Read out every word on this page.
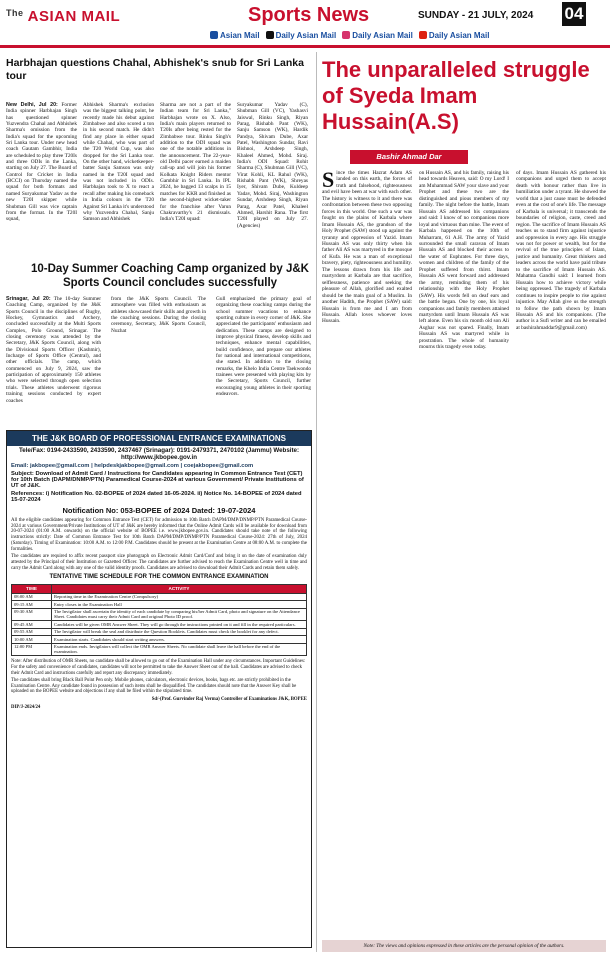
$^{The}$ ASIAN MAIL	Sports News	SUNDAY - 21 JULY, 2024 04
Asian Mail	Daily Asian Mail	Daily Asian Mail	Daily Asian Mail
Harbhajan questions Chahal, Abhishek's snub for Sri Lanka tour
New Delhi, Jul 20: Former India spinner Harbhajan Singh has questioned spinner Yuzvendra Chahal and Abhishek Sharma's omission from the India's squad for the upcoming Sri Lanka tour. Under new head coach Gautam Gambhir, India are scheduled to play three T20Is and three ODIs in the Lanka, starting on July 27. The Board of Control for Cricket in India (BCCI) on Thursday named the squad for both formats and named Suryakumar Yadav as the new T20I skipper while Shubman Gill was vice captain from the format. In the T20I squad,
Abhishek Sharma's exclusion was the biggest talking point, he recently made his debut against Zimbabwe and also scored a ton in his second match. He didn't find any place in either squad while Chahal, who was part of the T20 World Cup, was also dropped for the Sri Lanka tour. On the other hand, wicketkeeper-batter Sanju Samson was only named in the T20I squad and was not included in ODIs. Harbhajan took to X to react a recall after making his comeback in India colours in the T20 Against Sri Lanka it's understood why Yuzvendra Chahal, Sanju Samson and Abhishek
Sharma are not a part of the Indian team for Sri Lanka," Harbhajan wrote on X. Also, India's main players returned to T20Is after being rested for the Zimbabwe tour. Rinku Singh's addition to the ODI squad was one of the notable additions in the announcement. The 22-year-old Delhi pacer earned a maiden call-up and will join his former Kolkata Knight Riders mentor Gambhir in Sri Lanka. In IPL 2024, he bagged 13 scalps in 15 matches for KKR and finished as the second-highest wicket-taker for the franchise after Varun Chakravarthy's 21 dismissals. India's T20I squad:
Suryakumar Yadav (C), Shubman Gill (VC), Yashasvi Jaiswal, Rinku Singh, Riyan Parag, Rishabh Pant (WK), Sanju Samson (WK), Hardik Pandya, Shivam Dube, Axar Patel, Washington Sundar, Ravi Bishnoi, Arshdeep Singh, Khaleel Ahmed, Mohd. Siraj. India's ODI Squad: Rohit Sharma (C), Shubman Gill (VC), Virat Kohli, KL Rahul (WK), Rishabh Pant (WK), Shreyas Iyer, Shivam Dube, Kuldeep Yadav, Mohd. Siraj, Washington Sundar, Arshdeep Singh, Riyan Parag, Axar Patel, Khaleel Ahmed, Harshit Rana. The first T20I played on July 27. (Agencies)
10-Day Summer Coaching Camp organized by J&K Sports Council concludes successfully
Srinagar, Jul 20: The 10-day Summer Coaching Camp, organized by the J&K Sports Council in the disciplines of Rugby, Hockey, Gymnastics and Archery, concluded successfully at the Multi Sports Complex, Polo Ground, Srinagar. The closing ceremony was attended by the Secretary, J&K Sports Council, along with the Divisional Sports Officer (Kashmir), Incharge of Sports Office (Central), and other officials. The camp, which commenced on July 9, 2024, saw the participation of approximately 150 athletes who were selected through open selection trials. These athletes underwent rigorous training sessions conducted by expert coaches
from the J&K Sports Council. The atmosphere was filled with enthusiasm as athletes showcased their skills and growth in the coaching sessions. During the closing ceremony, Secretary, J&K Sports Council, Nuzhat
Gull emphasized the primary goal of organizing these coaching camps during the school summer vacations to enhance sporting culture in every corner of J&K. She appreciated the participants' enthusiasm and dedication. These camps are designed to improve physical fitness, develop skills and techniques, enhance mental capabilities, build confidence, and prepare our athletes for national and international competitions, she stated. In addition to the closing remarks, the Khelo India Centre Taekwondo trainees were presented with playing kits by the Secretary, Sports Council, further encouraging young athletes in their sporting endeavors.
THE J&K BOARD OF PROFESSIONAL ENTRANCE EXAMINATIONS
Tele/Fax: 0194-2433590, 2433590, 2437467 (Srinagar): 0191-2479371, 2470102 (Jammu) Website: http://www.jkbopee.gov.in
Email: jakbopee@gmail.com | helpdeskjakbopee@gmail.com | coejakbopee@gmail.com
Subject: Download of Admit Card / Instructions for Candidates appearing in Common Entrance Test (CET) for 10th Batch (DAPM/DNMP/PTN) Paramedical Course-2024 at various Government/ Private Institutions of UT of J&K.
References: i) Notification No. 02-BOPEE of 2024 dated 16-05-2024. ii) Notice No. 14-BOPEE of 2024 dated 15-07-2024
Notification No: 053-BOPEE of 2024 Dated: 19-07-2024
All the eligible candidates appearing for Common Entrance Test (CET) for admission to 10th Batch DAPM/DMP/DNMP/PTN Paramedical Course-2024 at various Government/Private Institutions of UT of J&K are hereby informed that the Online Admit Cards will be available for download from 20-07-2024 (01:00 A.M. onwards) on the official website of BOPEE i.e. www.jkbopee.gov.in. Candidates should take note of the following instructions strictly: Date of Common Entrance Test for 10th Batch DAPM/DMP/DNMP/PTN Paramedical Course-2024: 27th of July, 2024 (Saturday). Timing of Examination: 10:00 A.M. to 12:00 P.M. Candidates should be present at the Examination Centre at 08:00 A.M. to complete the formalities.
The candidates are required to affix recent passport size photograph on Electronic Admit Card/Conf and bring it on the date of examination duly attested by the Principal of their Institution or Gazetted Officer. The candidates are further advised to reach the Examination Centre well in time and carry the Admit Card along with any one of the valid identity proofs. Candidates are advised to download their Admit Cards and retain them safely.
TENTATIVE TIME SCHEDULE FOR THE COMMON ENTRANCE EXAMINATION
TIME	ACTIVITY
08:00 AM	Reporting time in the Examination Centre (Compulsory)
09:15 AM	Entry closes in the Examination Hall
09:30 AM	The Invigilator shall ascertain the identity of each candidate by comparing his/her Admit Card, photo and signature on the Attendance Sheet. Candidates must carry their Admit Card and original Photo ID proof.
09:45 AM	Candidates will be given OMR Answer Sheet. They will go through the instructions printed on it and fill in the required particulars.
09:55 AM	The Invigilator will break the seal and distribute the Question Booklets. Candidates must check the booklet for any defect.
10:00 AM	Examination starts. Candidates should start writing answers.
12:00 PM	Examination ends. Invigilators will collect the OMR Answer Sheets. No candidate shall leave the hall before the end of the examination.
Note: After distribution of OMR Sheets, no candidate shall be allowed to go out of the Examination Hall under any circumstances. Important Guidelines: For the safety and convenience of candidates, candidates will not be permitted to take the Answer Sheet out of the hall. Candidates are advised to check their Admit Card and instructions carefully and report any discrepancy immediately.
The candidates shall bring Black Ball Point Pen only. Mobile phones, calculators, electronic devices, books, bags etc. are strictly prohibited in the Examination Centre. Any candidate found in possession of such items shall be disqualified. The candidates should note that the Answer Key shall be uploaded on the BOPEE website and objections if any shall be filed within the stipulated time.
Sd/-(Prof. Gurvinder Raj Verma) Controller of Examinations J&K, BOPEE
DIP/J-2024/24
The unparalleled struggle of Syeda Imam Hussain(A.S)
Bashir Ahmad Dar
S ince the times Hazrat Adam AS landed on this earth, the forces of truth and falsehood, righteousness and evil have been at war with each other. The history is witness to it and there was confrontation between these two opposing forces in this world. One such a war was fought on the plains of Karbala where Imam Hussain AS, the grandson of the Holy Prophet (SAW) stood up against the tyranny and oppression of Yazid. Imam Hussain AS was only thirty when his father Ali AS was martyred in the mosque of Kufa. He was a man of exceptional bravery, piety, righteousness and humility. The lessons drawn from his life and martyrdom at Karbala are that sacrifice, selflessness, patience and seeking the pleasure of Allah, glorified and exalted should be the main goal of a Muslim. In another Hadith, the Prophet (SAW) said: Hussain is from me and I am from Hussain. Allah loves whoever loves Hussain.
on Hussain AS, and his family, raising his head towards Heaven, said: O my Lord! I am Muhammad SAW your slave and your Prophet and these two are the distinguished and pious members of my family. The night before the battle, Imam Hussain AS addressed his companions and said: I know of no companions more loyal and virtuous than mine. The event of Karbala happened on the 10th of Muharram, 61 A.H. The army of Yazid surrounded the small caravan of Imam Hussain AS and blocked their access to the water of Euphrates. For three days, women and children of the family of the Prophet suffered from thirst. Imam Hussain AS went forward and addressed the army, reminding them of his relationship with the Holy Prophet (SAW). His words fell on deaf ears and the battle began. One by one, his loyal companions and family members attained martyrdom until Imam Hussain AS was left alone. Even his six month old son Ali Asghar was not spared. Finally, Imam Hussain AS was martyred while in prostration. The whole of humanity mourns this tragedy even today.
of days. Imam Hussain AS gathered his companions and urged them to accept death with honour rather than live in humiliation under a tyrant. He showed the world that a just cause must be defended even at the cost of one's life. The message of Karbala is universal; it transcends the boundaries of religion, caste, creed and region. The sacrifice of Imam Hussain AS teaches us to stand firm against injustice and oppression in every age. His struggle was not for power or wealth, but for the revival of the true principles of Islam, justice and humanity. Great thinkers and leaders across the world have paid tribute to the sacrifice of Imam Hussain AS. Mahatma Gandhi said: I learned from Hussain how to achieve victory while being oppressed. The tragedy of Karbala continues to inspire people to rise against injustice. May Allah give us the strength to follow the path shown by Imam Hussain AS and his companions. (The author is a Sufi writer and can be emailed at bashirahmaddar9@gmail.com)
Note: The views and opinions expressed in these articles are the personal opinion of the authors.
